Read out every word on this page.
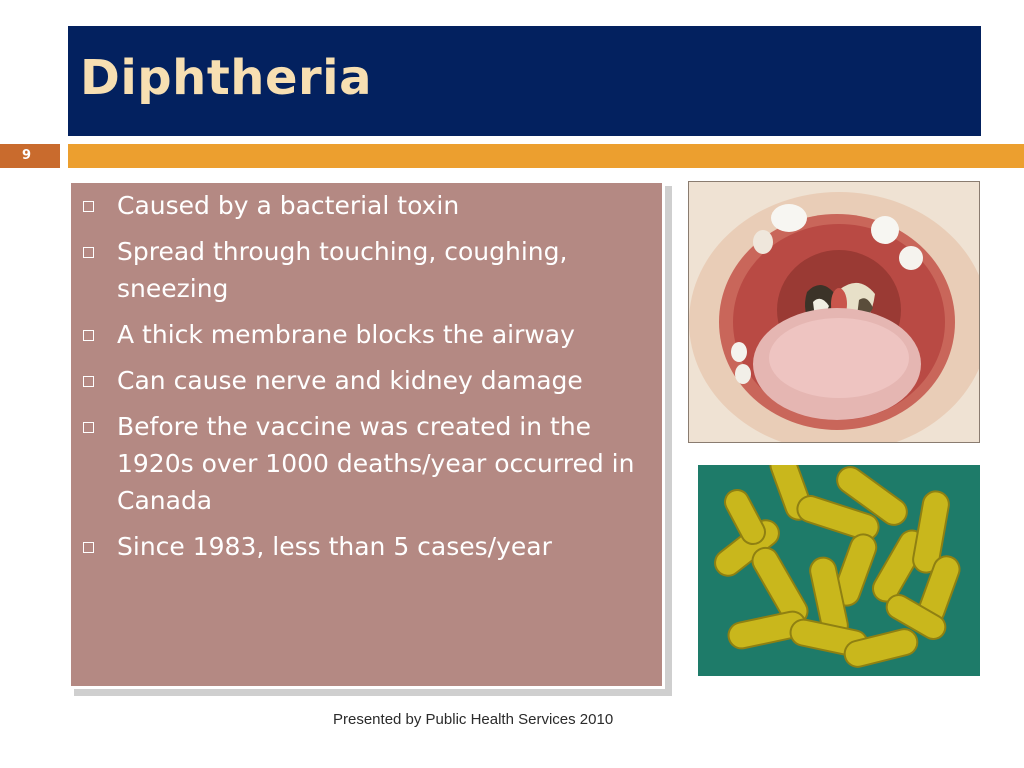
Diphtheria
9
Caused by a bacterial toxin
Spread through touching, coughing, sneezing
A thick membrane blocks the airway
Can cause nerve and kidney damage
Before the vaccine was created in the 1920s over 1000 deaths/year occurred in Canada
Since 1983, less than 5 cases/year
Presented by Public Health Services 2010
